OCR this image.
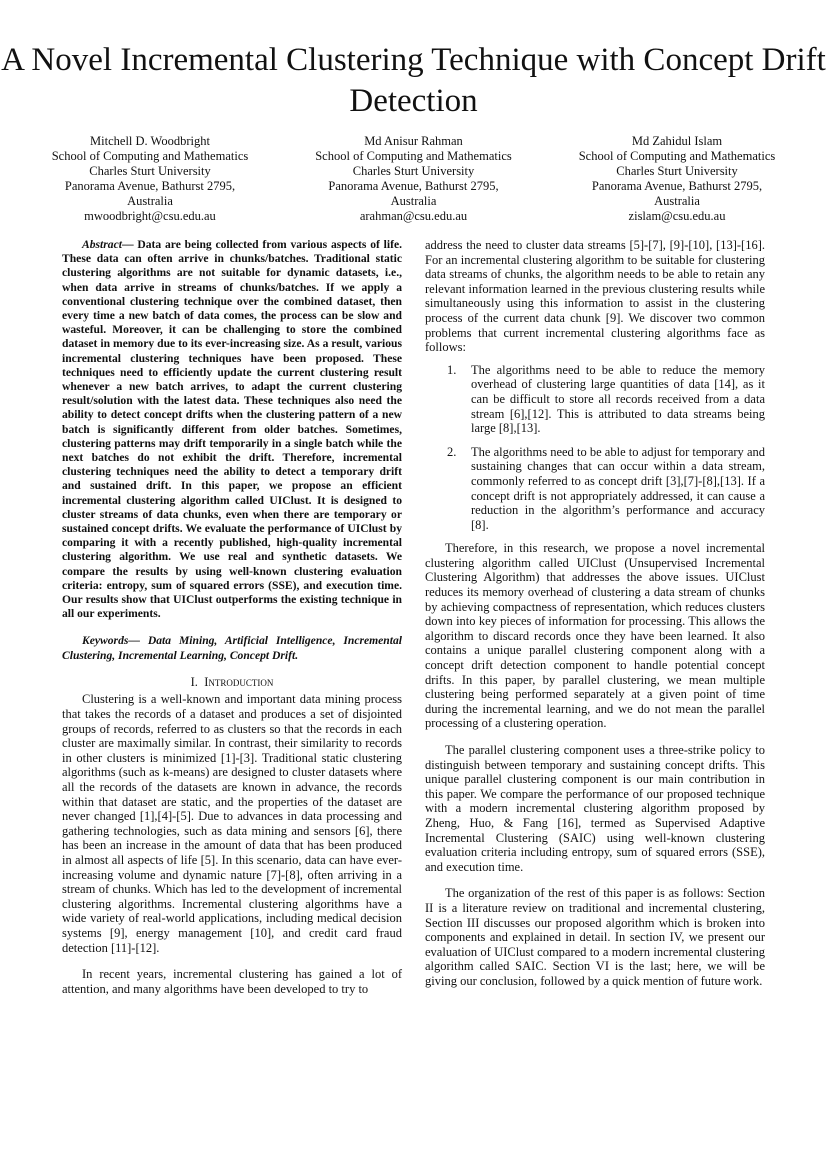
A Novel Incremental Clustering Technique with Concept Drift Detection
Mitchell D. Woodbright
School of Computing and Mathematics
Charles Sturt University
Panorama Avenue, Bathurst 2795,
Australia
mwoodbright@csu.edu.au
Md Anisur Rahman
School of Computing and Mathematics
Charles Sturt University
Panorama Avenue, Bathurst 2795,
Australia
arahman@csu.edu.au
Md Zahidul Islam
School of Computing and Mathematics
Charles Sturt University
Panorama Avenue, Bathurst 2795,
Australia
zislam@csu.edu.au

Abstract— Data are being collected from various aspects of life. These data can often arrive in chunks/batches. Traditional static clustering algorithms are not suitable for dynamic datasets, i.e., when data arrive in streams of chunks/batches. If we apply a conventional clustering technique over the combined dataset, then every time a new batch of data comes, the process can be slow and wasteful. Moreover, it can be challenging to store the combined dataset in memory due to its ever-increasing size. As a result, various incremental clustering techniques have been proposed. These techniques need to efficiently update the current clustering result whenever a new batch arrives, to adapt the current clustering result/solution with the latest data. These techniques also need the ability to detect concept drifts when the clustering pattern of a new batch is significantly different from older batches. Sometimes, clustering patterns may drift temporarily in a single batch while the next batches do not exhibit the drift. Therefore, incremental clustering techniques need the ability to detect a temporary drift and sustained drift. In this paper, we propose an efficient incremental clustering algorithm called UIClust. It is designed to cluster streams of data chunks, even when there are temporary or sustained concept drifts. We evaluate the performance of UIClust by comparing it with a recently published, high-quality incremental clustering algorithm. We use real and synthetic datasets. We compare the results by using well-known clustering evaluation criteria: entropy, sum of squared errors (SSE), and execution time. Our results show that UIClust outperforms the existing technique in all our experiments.

Keywords— Data Mining, Artificial Intelligence, Incremental Clustering, Incremental Learning, Concept Drift.

I. Introduction

Clustering is a well-known and important data mining process that takes the records of a dataset and produces a set of disjointed groups of records, referred to as clusters so that the records in each cluster are maximally similar. In contrast, their similarity to records in other clusters is minimized [1]-[3]. Traditional static clustering algorithms (such as k-means) are designed to cluster datasets where all the records of the datasets are known in advance, the records within that dataset are static, and the properties of the dataset are never changed [1],[4]-[5]. Due to advances in data processing and gathering technologies, such as data mining and sensors [6], there has been an increase in the amount of data that has been produced in almost all aspects of life [5]. In this scenario, data can have ever-increasing volume and dynamic nature [7]-[8], often arriving in a stream of chunks. Which has led to the development of incremental clustering algorithms. Incremental clustering algorithms have a wide variety of real-world applications, including medical decision systems [9], energy management [10], and credit card fraud detection [11]-[12].

In recent years, incremental clustering has gained a lot of attention, and many algorithms have been developed to try to

address the need to cluster data streams [5]-[7], [9]-[10], [13]-[16]. For an incremental clustering algorithm to be suitable for clustering data streams of chunks, the algorithm needs to be able to retain any relevant information learned in the previous clustering results while simultaneously using this information to assist in the clustering process of the current data chunk [9]. We discover two common problems that current incremental clustering algorithms face as follows:

1. The algorithms need to be able to reduce the memory overhead of clustering large quantities of data [14], as it can be difficult to store all records received from a data stream [6],[12]. This is attributed to data streams being large [8],[13].
2. The algorithms need to be able to adjust for temporary and sustaining changes that can occur within a data stream, commonly referred to as concept drift [3],[7]-[8],[13]. If a concept drift is not appropriately addressed, it can cause a reduction in the algorithm’s performance and accuracy [8].

Therefore, in this research, we propose a novel incremental clustering algorithm called UIClust (Unsupervised Incremental Clustering Algorithm) that addresses the above issues. UIClust reduces its memory overhead of clustering a data stream of chunks by achieving compactness of representation, which reduces clusters down into key pieces of information for processing. This allows the algorithm to discard records once they have been learned. It also contains a unique parallel clustering component along with a concept drift detection component to handle potential concept drifts. In this paper, by parallel clustering, we mean multiple clustering being performed separately at a given point of time during the incremental learning, and we do not mean the parallel processing of a clustering operation.

The parallel clustering component uses a three-strike policy to distinguish between temporary and sustaining concept drifts. This unique parallel clustering component is our main contribution in this paper. We compare the performance of our proposed technique with a modern incremental clustering algorithm proposed by Zheng, Huo, & Fang [16], termed as Supervised Adaptive Incremental Clustering (SAIC) using well-known clustering evaluation criteria including entropy, sum of squared errors (SSE), and execution time.

The organization of the rest of this paper is as follows: Section II is a literature review on traditional and incremental clustering, Section III discusses our proposed algorithm which is broken into components and explained in detail. In section IV, we present our evaluation of UIClust compared to a modern incremental clustering algorithm called SAIC. Section VI is the last; here, we will be giving our conclusion, followed by a quick mention of future work.
